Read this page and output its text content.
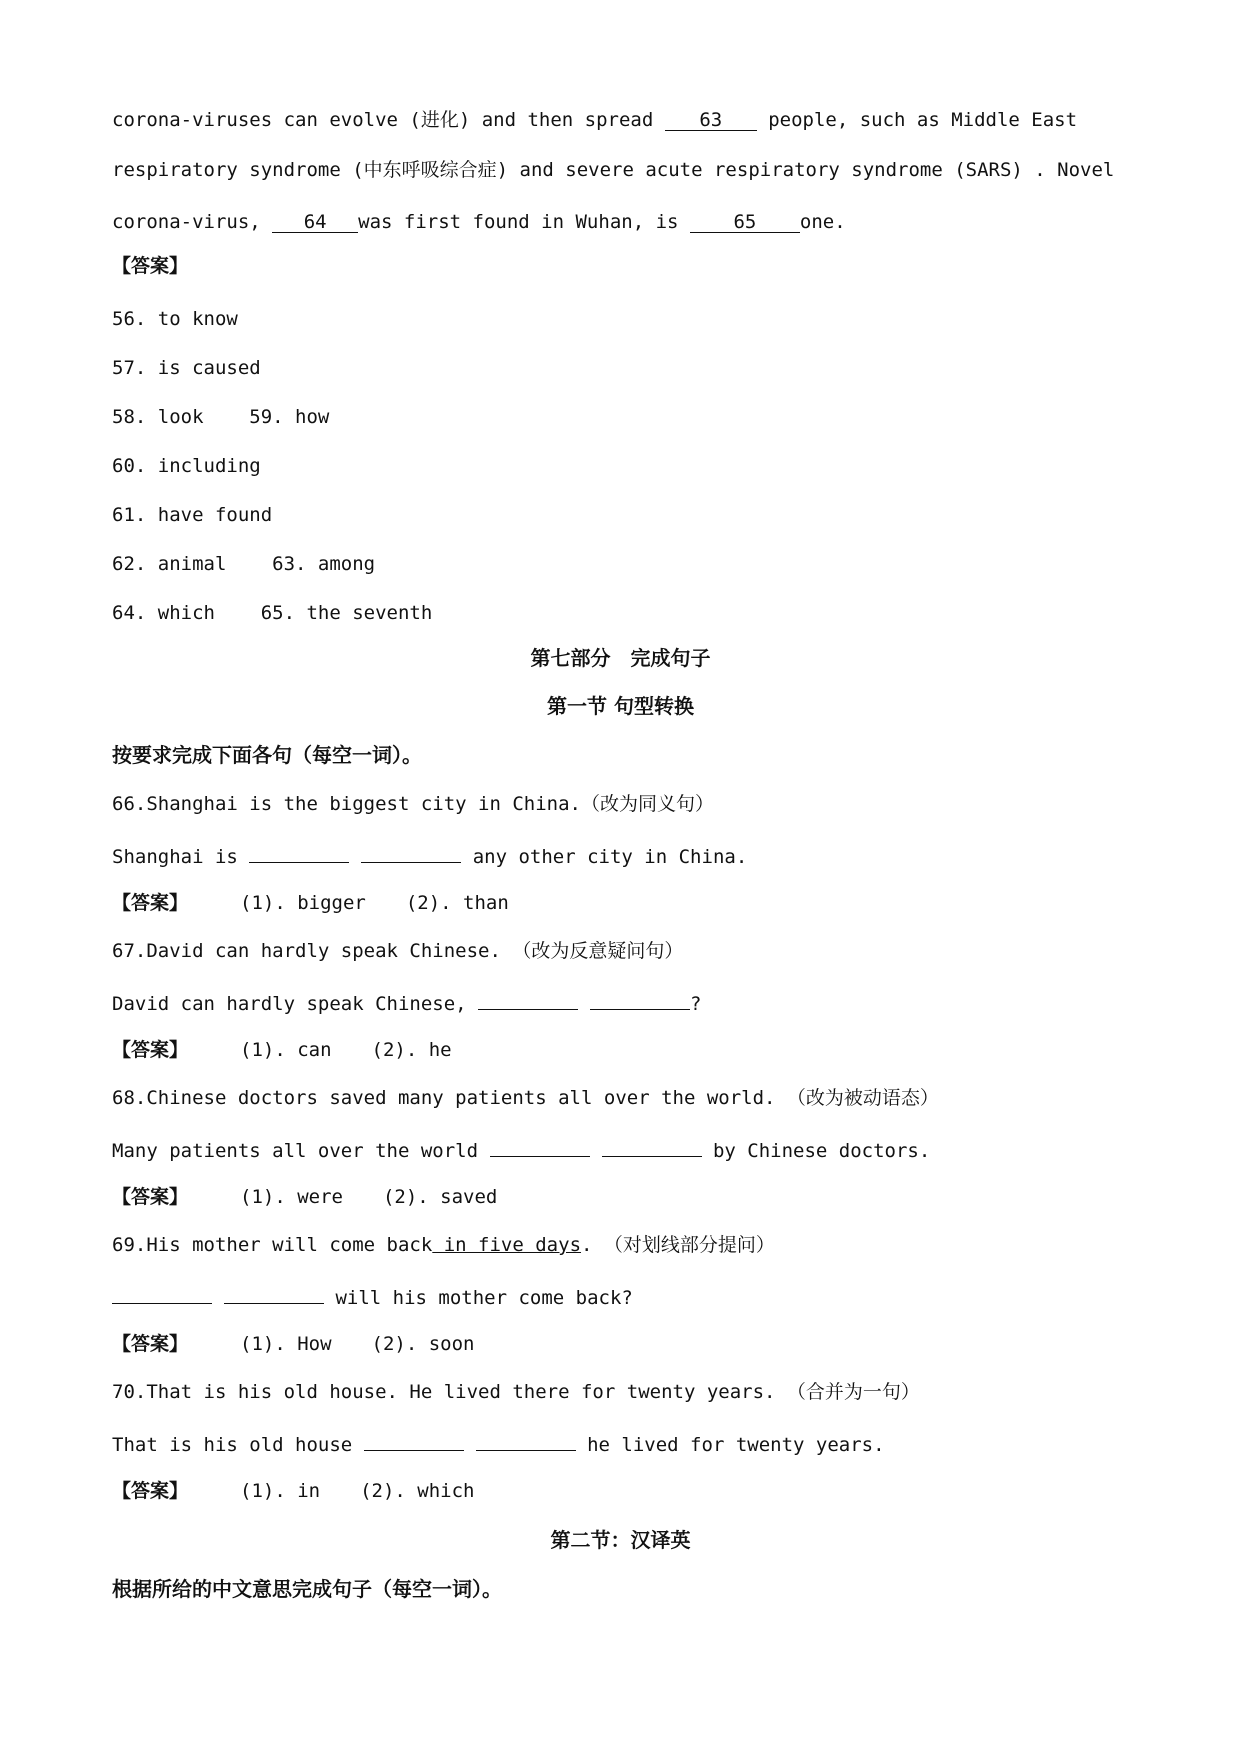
corona-viruses can evolve (进化) and then spread 63 people, such as Middle East
respiratory syndrome (中东呼吸综合症) and severe acute respiratory syndrome (SARS) . Novel
corona-virus, 64 was first found in Wuhan, is 65 one.
【答案】
56. to know
57. is caused
58. look    59. how
60. including
61. have found
62. animal    63. among
64. which    65. the seventh
第七部分　完成句子
第一节 句型转换
按要求完成下面各句（每空一词）。
66.Shanghai is the biggest city in China.（改为同义句）
Shanghai is	any other city in China.
【答案】	(1). bigger (2). than
67.David can hardly speak Chinese. （改为反意疑问句）
David can hardly speak Chinese,	?
【答案】	(1). can (2). he
68.Chinese doctors saved many patients all over the world. （改为被动语态）
Many patients all over the world	by Chinese doctors.
【答案】	(1). were (2). saved
69.His mother will come back in five days. （对划线部分提问）
will his mother come back?
【答案】	(1). How (2). soon
70.That is his old house. He lived there for twenty years. （合并为一句）
That is his old house	he lived for twenty years.
【答案】	(1). in (2). which
第二节：汉译英
根据所给的中文意思完成句子（每空一词）。
